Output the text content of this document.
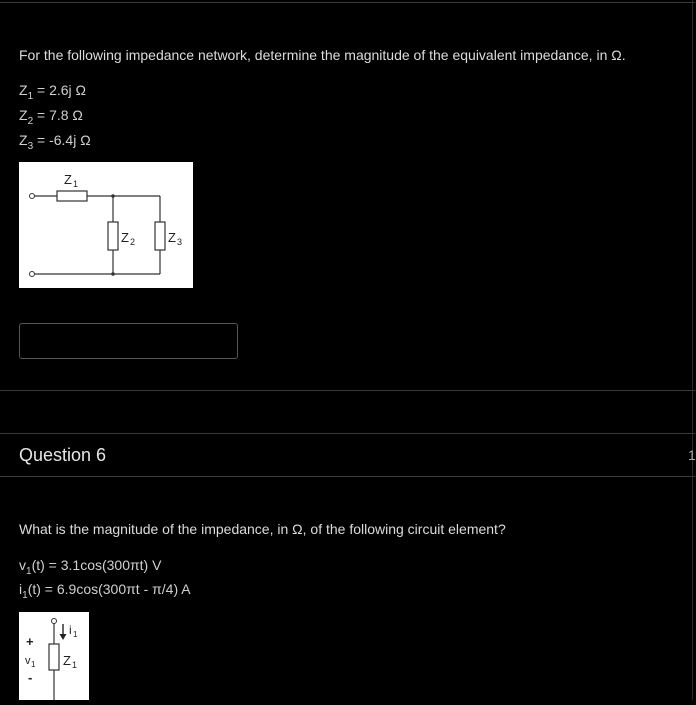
For the following impedance network, determine the magnitude of the equivalent impedance, in Ω.
$Z_1 = 2.6j$ Ω
$Z_2 = 7.8$ Ω
$Z_3 = -6.4j$ Ω
Z 1
Z 2	Z 3
Question 6	1
What is the magnitude of the impedance, in Ω, of the following circuit element?
$v_1(t) = 3.1\cos(300\pi t)$ V
$i_1(t) = 6.9\cos(300\pi t - \pi/4)$ A
i 1
Z 1
+
v 1
-
